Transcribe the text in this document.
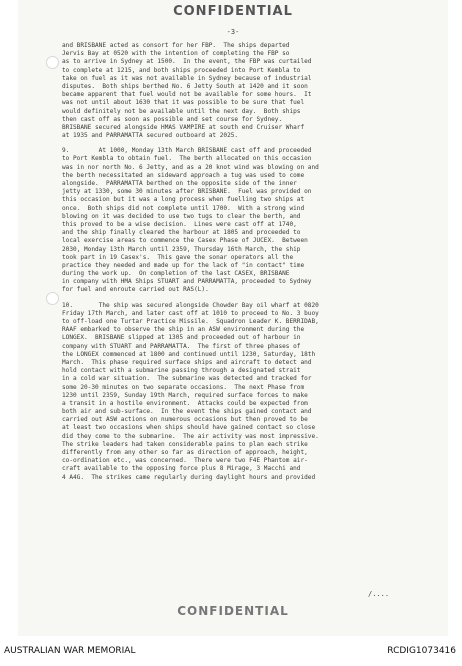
CONFIDENTIAL
-3-
and BRISBANE acted as consort for her FBP.  The ships departed
Jervis Bay at 0520 with the intention of completing the FBP so
as to arrive in Sydney at 1500.  In the event, the FBP was curtailed
to complete at 1215, and both ships proceeded into Port Kembla to
take on fuel as it was not available in Sydney because of industrial
disputes.  Both ships berthed No. 6 Jetty South at 1420 and it soon
became apparent that fuel would not be available for some hours.  It
was not until about 1630 that it was possible to be sure that fuel
would definitely not be available until the next day.  Both ships
then cast off as soon as possible and set course for Sydney.
BRISBANE secured alongside HMAS VAMPIRE at south end Cruiser Wharf
at 1935 and PARRAMATTA secured outboard at 2025.
9.        At 1000, Monday 13th March BRISBANE cast off and proceeded
to Port Kembla to obtain fuel.  The berth allocated on this occasion
was in nor north No. 6 Jetty, and as a 20 knot wind was blowing on and
the berth necessitated an sideward approach a tug was used to come
alongside.  PARRAMATTA berthed on the opposite side of the inner
jetty at 1330, some 30 minutes after BRISBANE.  Fuel was provided on
this occasion but it was a long process when fuelling two ships at
once.  Both ships did not complete until 1700.  With a strong wind
blowing on it was decided to use two tugs to clear the berth, and
this proved to be a wise decision.  Lines were cast off at 1740,
and the ship finally cleared the harbour at 1805 and proceeded to
local exercise areas to commence the Casex Phase of JUCEX.  Between
2030, Monday 13th March until 2359, Thursday 16th March, the ship
took part in 19 Casex's.  This gave the sonar operators all the
practice they needed and made up for the lack of "in contact" time
during the work up.  On completion of the last CASEX, BRISBANE
in company with HMA Ships STUART and PARRAMATTA, proceeded to Sydney
for fuel and enroute carried out RAS(L).
10.       The ship was secured alongside Chowder Bay oil wharf at 0820
Friday 17th March, and later cast off at 1010 to proceed to No. 3 buoy
to off-load one Turtar Practice Missile.  Squadron Leader K. BERRIDAB,
RAAF embarked to observe the ship in an ASW environment during the
LONGEX.  BRISBANE slipped at 1305 and proceeded out of harbour in
company with STUART and PARRAMATTA.  The first of three phases of
the LONGEX commenced at 1800 and continued until 1230, Saturday, 18th
March.  This phase required surface ships and aircraft to detect and
hold contact with a submarine passing through a designated strait
in a cold war situation.  The submarine was detected and tracked for
some 20-30 minutes on two separate occasions.  The next Phase from
1230 until 2359, Sunday 19th March, required surface forces to make
a transit in a hostile environment.  Attacks could be expected from
both air and sub-surface.  In the event the ships gained contact and
carried out ASW actions on numerous occasions but then proved to be
at least two occasions when ships should have gained contact so close
did they come to the submarine.  The air activity was most impressive.
The strike leaders had taken considerable pains to plan each strike
differently from any other so far as direction of approach, height,
co-ordination etc., was concerned.  There were two F4E Phantom air-
craft available to the opposing force plus 8 Mirage, 3 Macchi and
4 A4G.  The strikes came regularly during daylight hours and provided
/....
CONFIDENTIAL
AUSTRALIAN WAR MEMORIAL	RCDIG1073416
